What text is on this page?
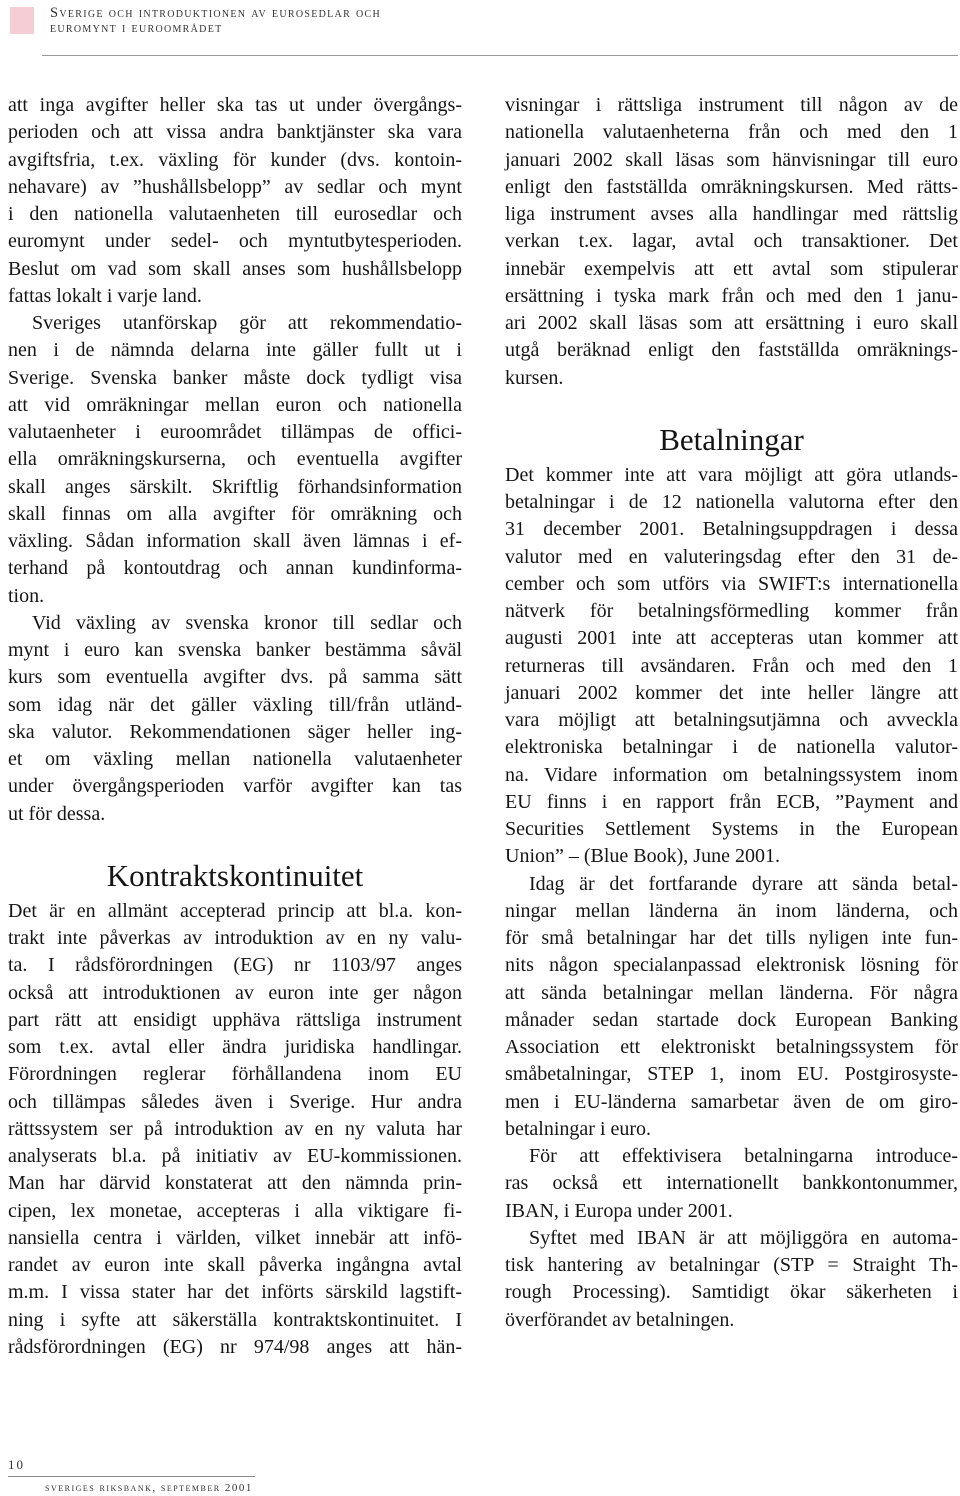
Sverige och introduktionen av eurosedlar och
euromynt i euroområdet
att inga avgifter heller ska tas ut under övergångs-
perioden och att vissa andra banktjänster ska vara
avgiftsfria, t.ex. växling för kunder (dvs. kontoin-
nehavare) av ”hushållsbelopp” av sedlar och mynt
i den nationella valutaenheten till eurosedlar och
euromynt under sedel- och myntutbytesperioden.
Beslut om vad som skall anses som hushållsbelopp
fattas lokalt i varje land.
Sveriges utanförskap gör att rekommendatio-
nen i de nämnda delarna inte gäller fullt ut i
Sverige. Svenska banker måste dock tydligt visa
att vid omräkningar mellan euron och nationella
valutaenheter i euroområdet tillämpas de offici-
ella omräkningskurserna, och eventuella avgifter
skall anges särskilt. Skriftlig förhandsinformation
skall finnas om alla avgifter för omräkning och
växling. Sådan information skall även lämnas i ef-
terhand på kontoutdrag och annan kundinforma-
tion.
Vid växling av svenska kronor till sedlar och
mynt i euro kan svenska banker bestämma såväl
kurs som eventuella avgifter dvs. på samma sätt
som idag när det gäller växling till/från utländ-
ska valutor. Rekommendationen säger heller ing-
et om växling mellan nationella valutaenheter
under övergångsperioden varför avgifter kan tas
ut för dessa.
Kontraktskontinuitet
Det är en allmänt accepterad princip att bl.a. kon-
trakt inte påverkas av introduktion av en ny valu-
ta. I rådsförordningen (EG) nr 1103/97 anges
också att introduktionen av euron inte ger någon
part rätt att ensidigt upphäva rättsliga instrument
som t.ex. avtal eller ändra juridiska handlingar.
Förordningen reglerar förhållandena inom EU
och tillämpas således även i Sverige. Hur andra
rättssystem ser på introduktion av en ny valuta har
analyserats bl.a. på initiativ av EU-kommissionen.
Man har därvid konstaterat att den nämnda prin-
cipen, lex monetae, accepteras i alla viktigare fi-
nansiella centra i världen, vilket innebär att infö-
randet av euron inte skall påverka ingångna avtal
m.m. I vissa stater har det införts särskild lagstift-
ning i syfte att säkerställa kontraktskontinuitet. I
rådsförordningen (EG) nr 974/98 anges att hän-
visningar i rättsliga instrument till någon av de
nationella valutaenheterna från och med den 1
januari 2002 skall läsas som hänvisningar till euro
enligt den fastställda omräkningskursen. Med rätts-
liga instrument avses alla handlingar med rättslig
verkan t.ex. lagar, avtal och transaktioner. Det
innebär exempelvis att ett avtal som stipulerar
ersättning i tyska mark från och med den 1 janu-
ari 2002 skall läsas som att ersättning i euro skall
utgå beräknad enligt den fastställda omräknings-
kursen.
Betalningar
Det kommer inte att vara möjligt att göra utlands-
betalningar i de 12 nationella valutorna efter den
31 december 2001. Betalningsuppdragen i dessa
valutor med en valuteringsdag efter den 31 de-
cember och som utförs via SWIFT:s internationella
nätverk för betalningsförmedling kommer från
augusti 2001 inte att accepteras utan kommer att
returneras till avsändaren. Från och med den 1
januari 2002 kommer det inte heller längre att
vara möjligt att betalningsutjämna och avveckla
elektroniska betalningar i de nationella valutor-
na. Vidare information om betalningssystem inom
EU finns i en rapport från ECB, ”Payment and
Securities Settlement Systems in the European
Union” – (Blue Book), June 2001.
Idag är det fortfarande dyrare att sända betal-
ningar mellan länderna än inom länderna, och
för små betalningar har det tills nyligen inte fun-
nits någon specialanpassad elektronisk lösning för
att sända betalningar mellan länderna. För några
månader sedan startade dock European Banking
Association ett elektroniskt betalningssystem för
småbetalningar, STEP 1, inom EU. Postgirosyste-
men i EU-länderna samarbetar även de om giro-
betalningar i euro.
För att effektivisera betalningarna introduce-
ras också ett internationellt bankkontonummer,
IBAN, i Europa under 2001.
Syftet med IBAN är att möjliggöra en automa-
tisk hantering av betalningar (STP = Straight Th-
rough Processing). Samtidigt ökar säkerheten i
överförandet av betalningen.
10
sveriges riksbank, september 2001
